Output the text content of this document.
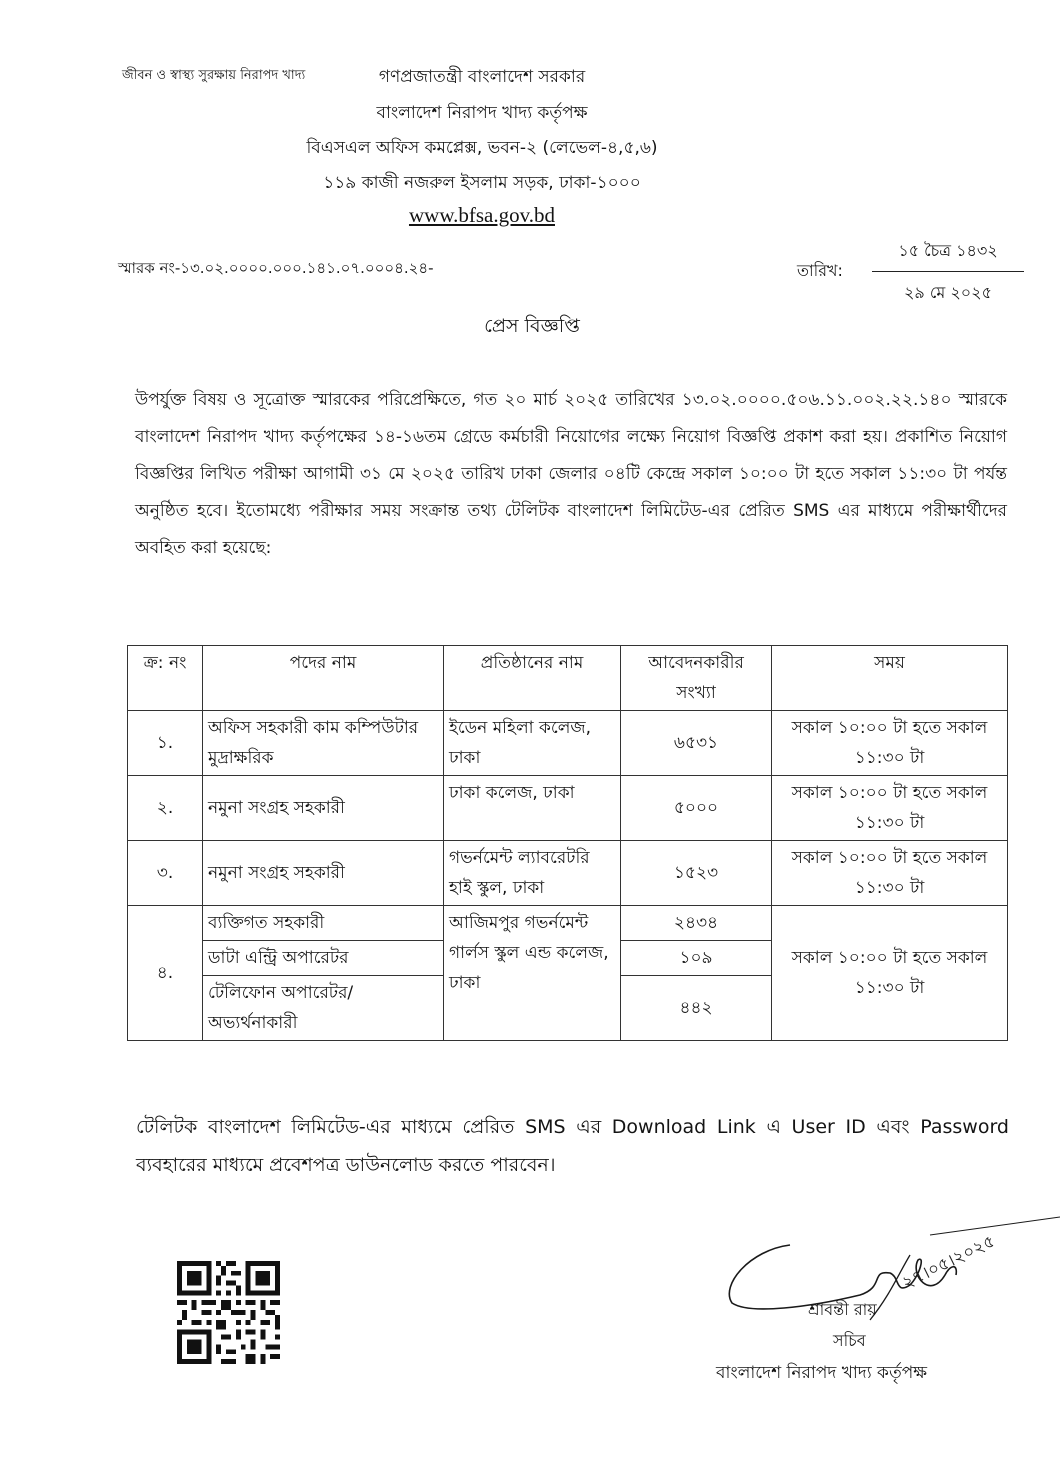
জীবন ও স্বাস্থ্য সুরক্ষায় নিরাপদ খাদ্য	গণপ্রজাতন্ত্রী বাংলাদেশ সরকার
বাংলাদেশ নিরাপদ খাদ্য কর্তৃপক্ষ
বিএসএল অফিস কমপ্লেক্স, ভবন-২ (লেভেল-৪,৫,৬)
১১৯ কাজী নজরুল ইসলাম সড়ক, ঢাকা-১০০০
www.bfsa.gov.bd
স্মারক নং-১৩.০২.০০০০.০০০.১৪১.০৭.০০০৪.২৪-	তারিখ:
১৫ চৈত্র ১৪৩২
২৯ মে ২০২৫
প্রেস বিজ্ঞপ্তি
উপর্যুক্ত বিষয় ও সূত্রোক্ত স্মারকের পরিপ্রেক্ষিতে, গত ২০ মার্চ ২০২৫ তারিখের ১৩.০২.০০০০.৫০৬.১১.০০২.২২.১৪০ স্মারকে বাংলাদেশ নিরাপদ খাদ্য কর্তৃপক্ষের ১৪-১৬তম গ্রেডে কর্মচারী নিয়োগের লক্ষ্যে নিয়োগ বিজ্ঞপ্তি প্রকাশ করা হয়। প্রকাশিত নিয়োগ বিজ্ঞপ্তির লিখিত পরীক্ষা আগামী ৩১ মে ২০২৫ তারিখ ঢাকা জেলার ০৪টি কেন্দ্রে সকাল ১০:০০ টা হতে সকাল ১১:৩০ টা পর্যন্ত অনুষ্ঠিত হবে। ইতোমধ্যে পরীক্ষার সময় সংক্রান্ত তথ্য টেলিটক বাংলাদেশ লিমিটেড-এর প্রেরিত SMS এর মাধ্যমে পরীক্ষার্থীদের অবহিত করা হয়েছে:
ক্র: নং	পদের নাম	প্রতিষ্ঠানের নাম	আবেদনকারীর সংখ্যা	সময়
১.	অফিস সহকারী কাম কম্পিউটার মুদ্রাক্ষরিক	ইডেন মহিলা কলেজ, ঢাকা	৬৫৩১	সকাল ১০:০০ টা হতে সকাল ১১:৩০ টা
২.	নমুনা সংগ্রহ সহকারী	ঢাকা কলেজ, ঢাকা	৫০০০	সকাল ১০:০০ টা হতে সকাল ১১:৩০ টা
৩.	নমুনা সংগ্রহ সহকারী	গভর্নমেন্ট ল্যাবরেটরি হাই স্কুল, ঢাকা	১৫২৩	সকাল ১০:০০ টা হতে সকাল ১১:৩০ টা
৪.	ব্যক্তিগত সহকারী	আজিমপুর গভর্নমেন্ট গার্লস স্কুল এন্ড কলেজ, ঢাকা	২৪৩৪	সকাল ১০:০০ টা হতে সকাল ১১:৩০ টা
	ডাটা এন্ট্রি অপারেটর		১০৯	
	টেলিফোন অপারেটর/অভ্যর্থনাকারী		৪৪২	
টেলিটক বাংলাদেশ লিমিটেড-এর মাধ্যমে প্রেরিত SMS এর Download Link এ User ID এবং Password ব্যবহারের মাধ্যমে প্রবেশপত্র ডাউনলোড করতে পারবেন।
২৭।০৫।২০২৫
শ্রাবন্তী রায়
সচিব
বাংলাদেশ নিরাপদ খাদ্য কর্তৃপক্ষ
